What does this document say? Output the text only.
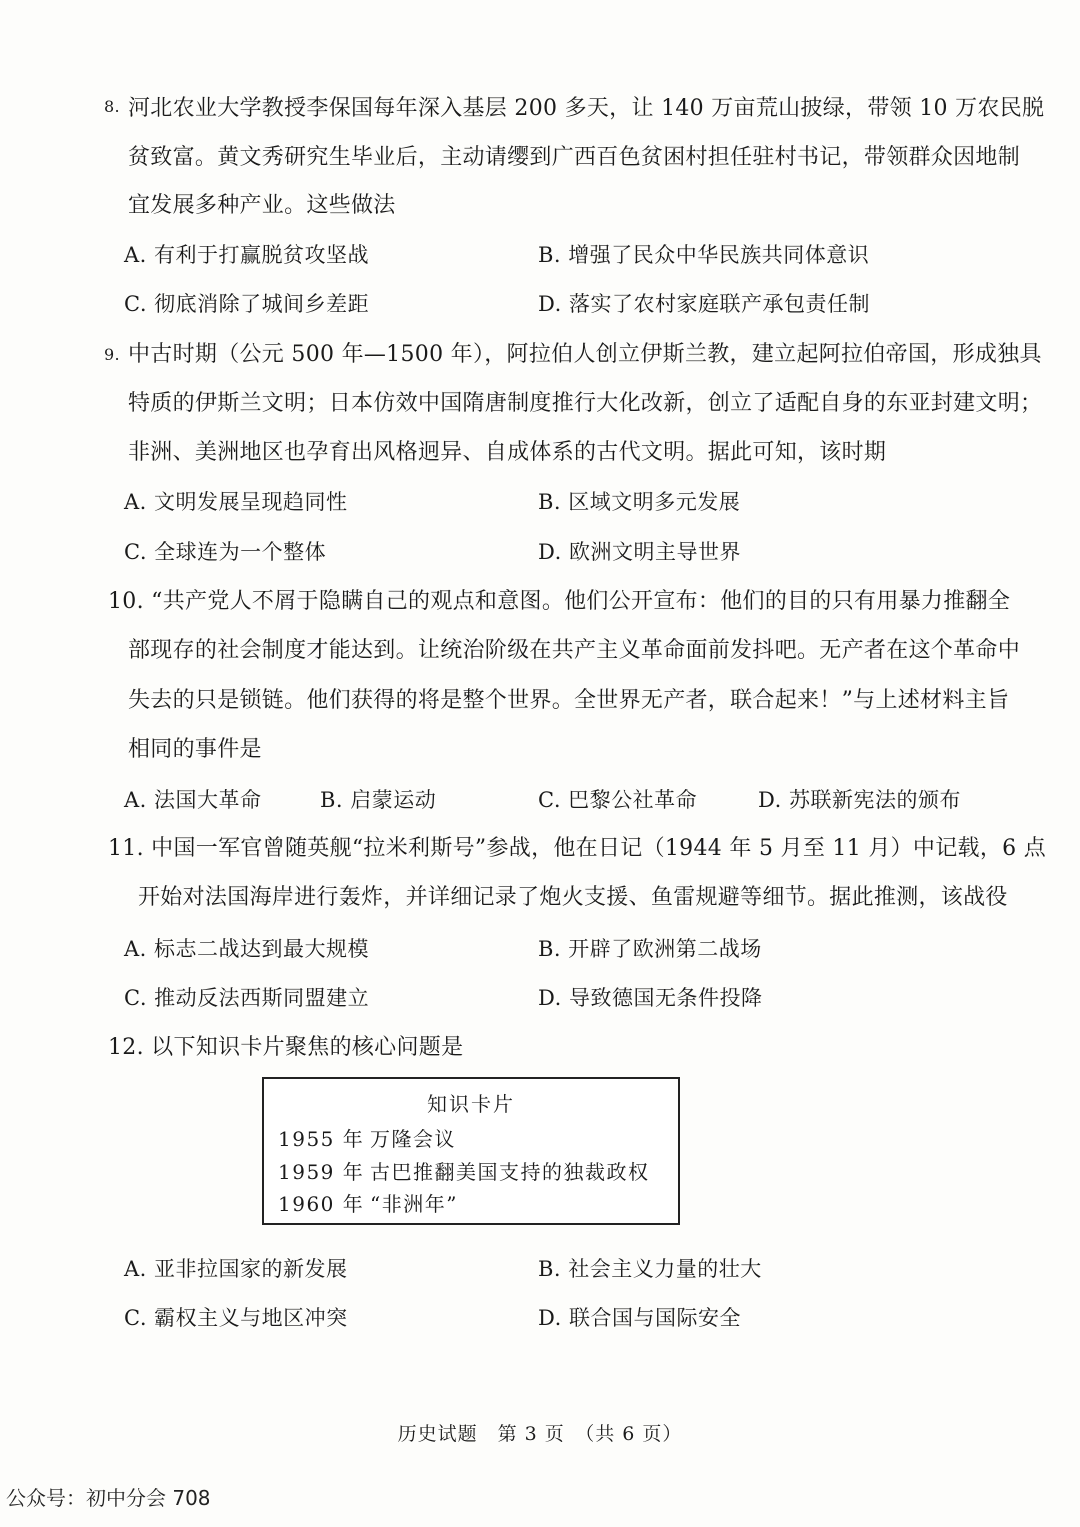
8. 河北农业大学教授李保国每年深入基层 200 多天，让 140 万亩荒山披绿，带领 10 万农民脱
贫致富。黄文秀研究生毕业后，主动请缨到广西百色贫困村担任驻村书记，带领群众因地制
宜发展多种产业。这些做法
A. 有利于打赢脱贫攻坚战	B. 增强了民众中华民族共同体意识
C. 彻底消除了城间乡差距	D. 落实了农村家庭联产承包责任制
9. 中古时期（公元 500 年—1500 年），阿拉伯人创立伊斯兰教，建立起阿拉伯帝国，形成独具
特质的伊斯兰文明；日本仿效中国隋唐制度推行大化改新，创立了适配自身的东亚封建文明；
非洲、美洲地区也孕育出风格迥异、自成体系的古代文明。据此可知，该时期
A. 文明发展呈现趋同性	B. 区域文明多元发展
C. 全球连为一个整体	D. 欧洲文明主导世界
10. “共产党人不屑于隐瞒自己的观点和意图。他们公开宣布：他们的目的只有用暴力推翻全
部现存的社会制度才能达到。让统治阶级在共产主义革命面前发抖吧。无产者在这个革命中
失去的只是锁链。他们获得的将是整个世界。全世界无产者，联合起来！”与上述材料主旨
相同的事件是
A. 法国大革命	B. 启蒙运动	C. 巴黎公社革命	D. 苏联新宪法的颁布
11. 中国一军官曾随英舰“拉米利斯号”参战，他在日记（1944 年 5 月至 11 月）中记载，6 点
开始对法国海岸进行轰炸，并详细记录了炮火支援、鱼雷规避等细节。据此推测，该战役
A. 标志二战达到最大规模	B. 开辟了欧洲第二战场
C. 推动反法西斯同盟建立	D. 导致德国无条件投降
12. 以下知识卡片聚焦的核心问题是
知识卡片
1955 年 万隆会议
1959 年 古巴推翻美国支持的独裁政权
1960 年 “非洲年”
A. 亚非拉国家的新发展	B. 社会主义力量的壮大
C. 霸权主义与地区冲突	D. 联合国与国际安全
历史试题　第 3 页　（共 6 页）
公众号：初中分会 708
